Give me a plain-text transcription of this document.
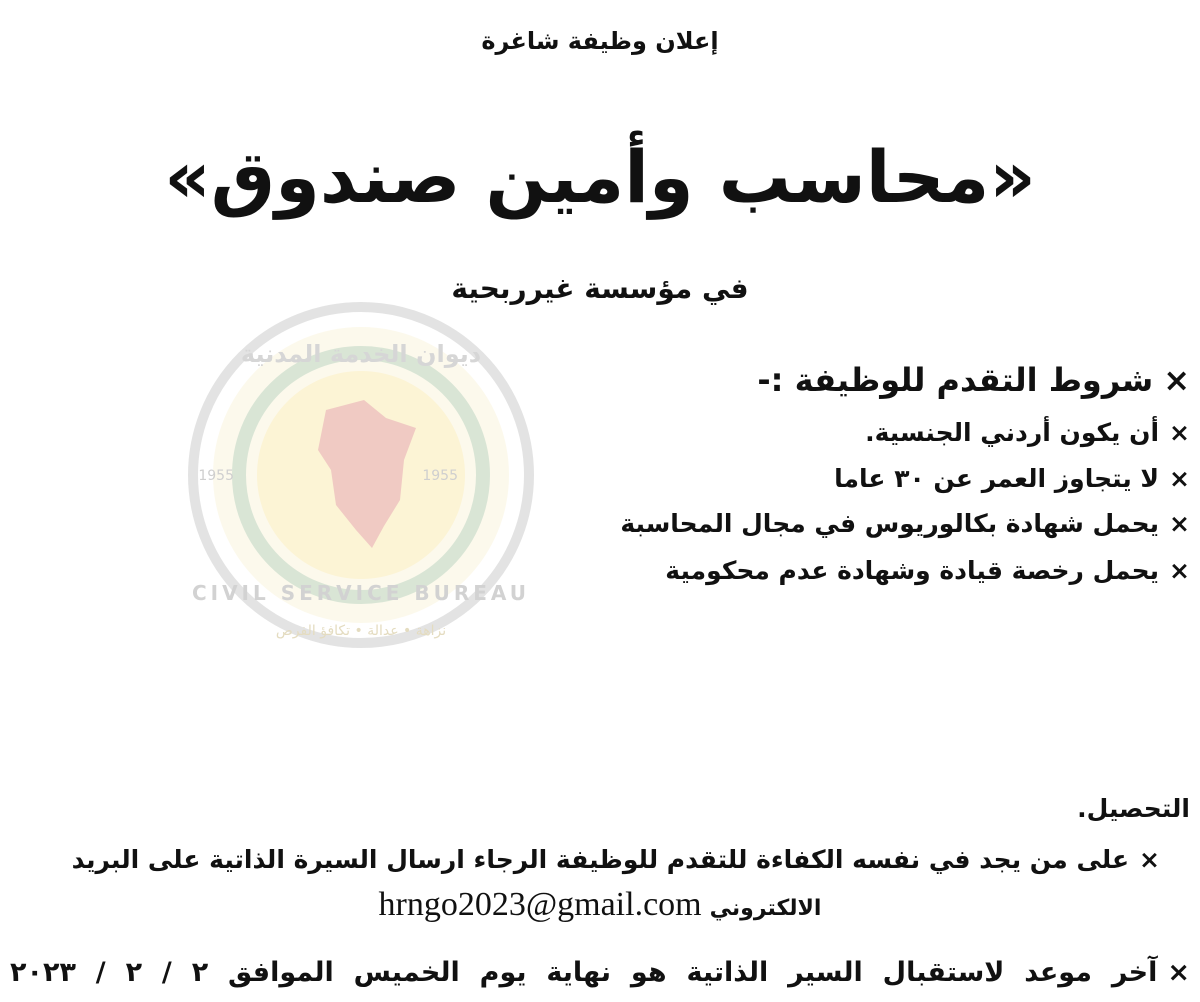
CIVIL SERVICE BUREAU
ديوان الخدمة المدنية
1955	1955
نزاهة • عدالة • تكافؤ الفرص
إعلان وظيفة شاغرة
«محاسب وأمين صندوق»
في مؤسسة غيرربحية
×شروط التقدم للوظيفة :-
×أن يكون أردني الجنسية.
×لا يتجاوز العمر عن ٣٠ عاما
×يحمل شهادة بكالوريوس في مجال المحاسبة
×يحمل رخصة قيادة وشهادة عدم محكومية
التحصيل.
×على من يجد في نفسه الكفاءة للتقدم للوظيفة الرجاء ارسال السيرة الذاتية على البريد
الالكترونيhrngo2023@gmail.com
×آخر موعد لاستقبال السير الذاتية هو نهاية يوم الخميس الموافق ٢ / ٢ / ٢٠٢٣
